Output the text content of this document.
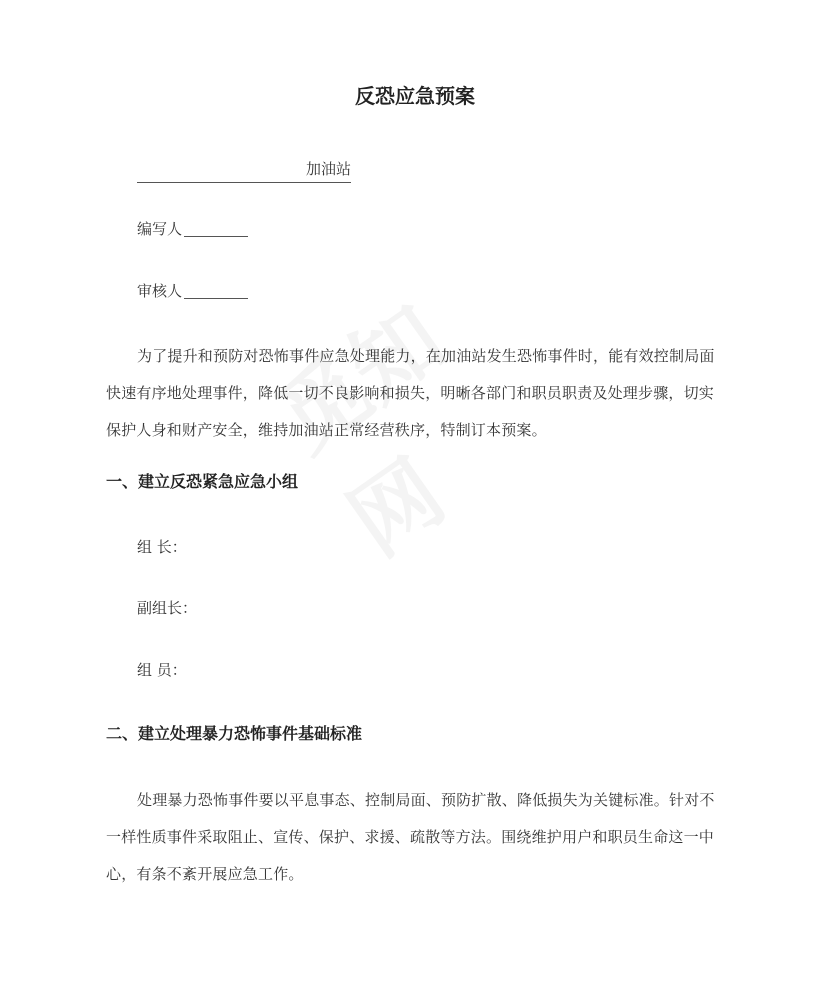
反恐应急预案
加油站
编写人
审核人
为了提升和预防对恐怖事件应急处理能力，在加油站发生恐怖事件时，能有效控制局面快速有序地处理事件，降低一切不良影响和损失，明晰各部门和职员职责及处理步骤，切实保护人身和财产安全，维持加油站正常经营秩序，特制订本预案。
一、建立反恐紧急应急小组
组 长：
副组长：
组 员：
二、建立处理暴力恐怖事件基础标准
处理暴力恐怖事件要以平息事态、控制局面、预防扩散、降低损失为关键标准。针对不一样性质事件采取阻止、宣传、保护、求援、疏散等方法。围绕维护用户和职员生命这一中心，有条不紊开展应急工作。
